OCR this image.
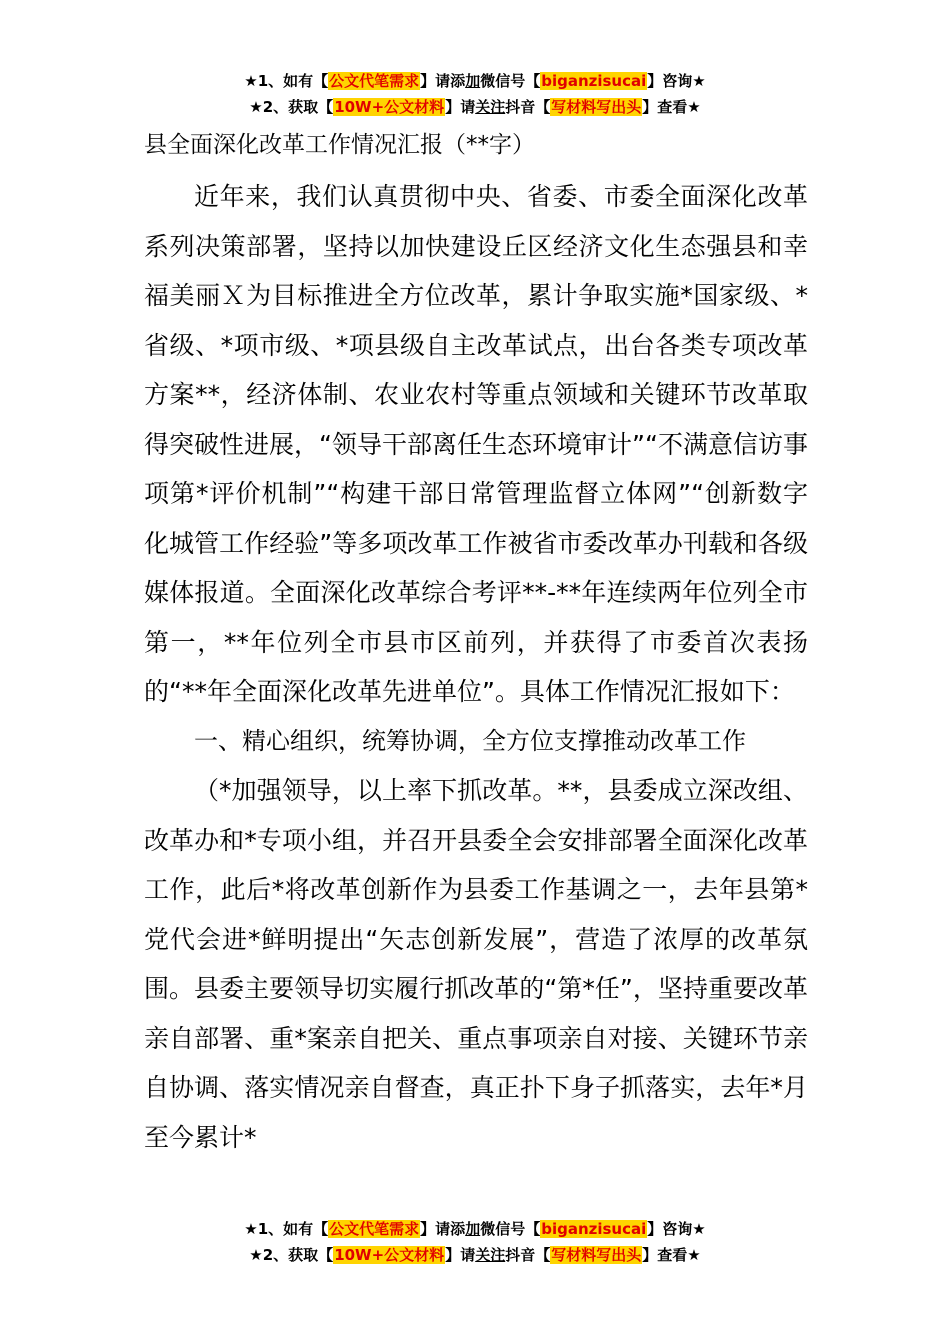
★1、如有【公文代笔需求】请添加微信号【biganzisucai】咨询★
★2、获取【10W+公文材料】请关注抖音【写材料写出头】查看★
县全面深化改革工作情况汇报（**字）

近年来，我们认真贯彻中央、省委、市委全面深化改革系列决策部署，坚持以加快建设丘区经济文化生态强县和幸福美丽Ｘ为目标推进全方位改革，累计争取实施*国家级、*省级、*项市级、*项县级自主改革试点，出台各类专项改革方案**，经济体制、农业农村等重点领域和关键环节改革取得突破性进展，“领导干部离任生态环境审计”“不满意信访事项第*评价机制”“构建干部日常管理监督立体网”“创新数字化城管工作经验”等多项改革工作被省市委改革办刊载和各级媒体报道。全面深化改革综合考评**-**年连续两年位列全市第一，**年位列全市县市区前列，并获得了市委首次表扬的“**年全面深化改革先进单位”。具体工作情况汇报如下：

一、精心组织，统筹协调，全方位支撑推动改革工作

（*加强领导，以上率下抓改革。**，县委成立深改组、改革办和*专项小组，并召开县委全会安排部署全面深化改革工作，此后*将改革创新作为县委工作基调之一，去年县第*党代会进*鲜明提出“矢志创新发展”，营造了浓厚的改革氛围。县委主要领导切实履行抓改革的“第*任”，坚持重要改革亲自部署、重*案亲自把关、重点事项亲自对接、关键环节亲自协调、落实情况亲自督查，真正扑下身子抓落实，去年*月至今累计*

★1、如有【公文代笔需求】请添加微信号【biganzisucai】咨询★
★2、获取【10W+公文材料】请关注抖音【写材料写出头】查看★
